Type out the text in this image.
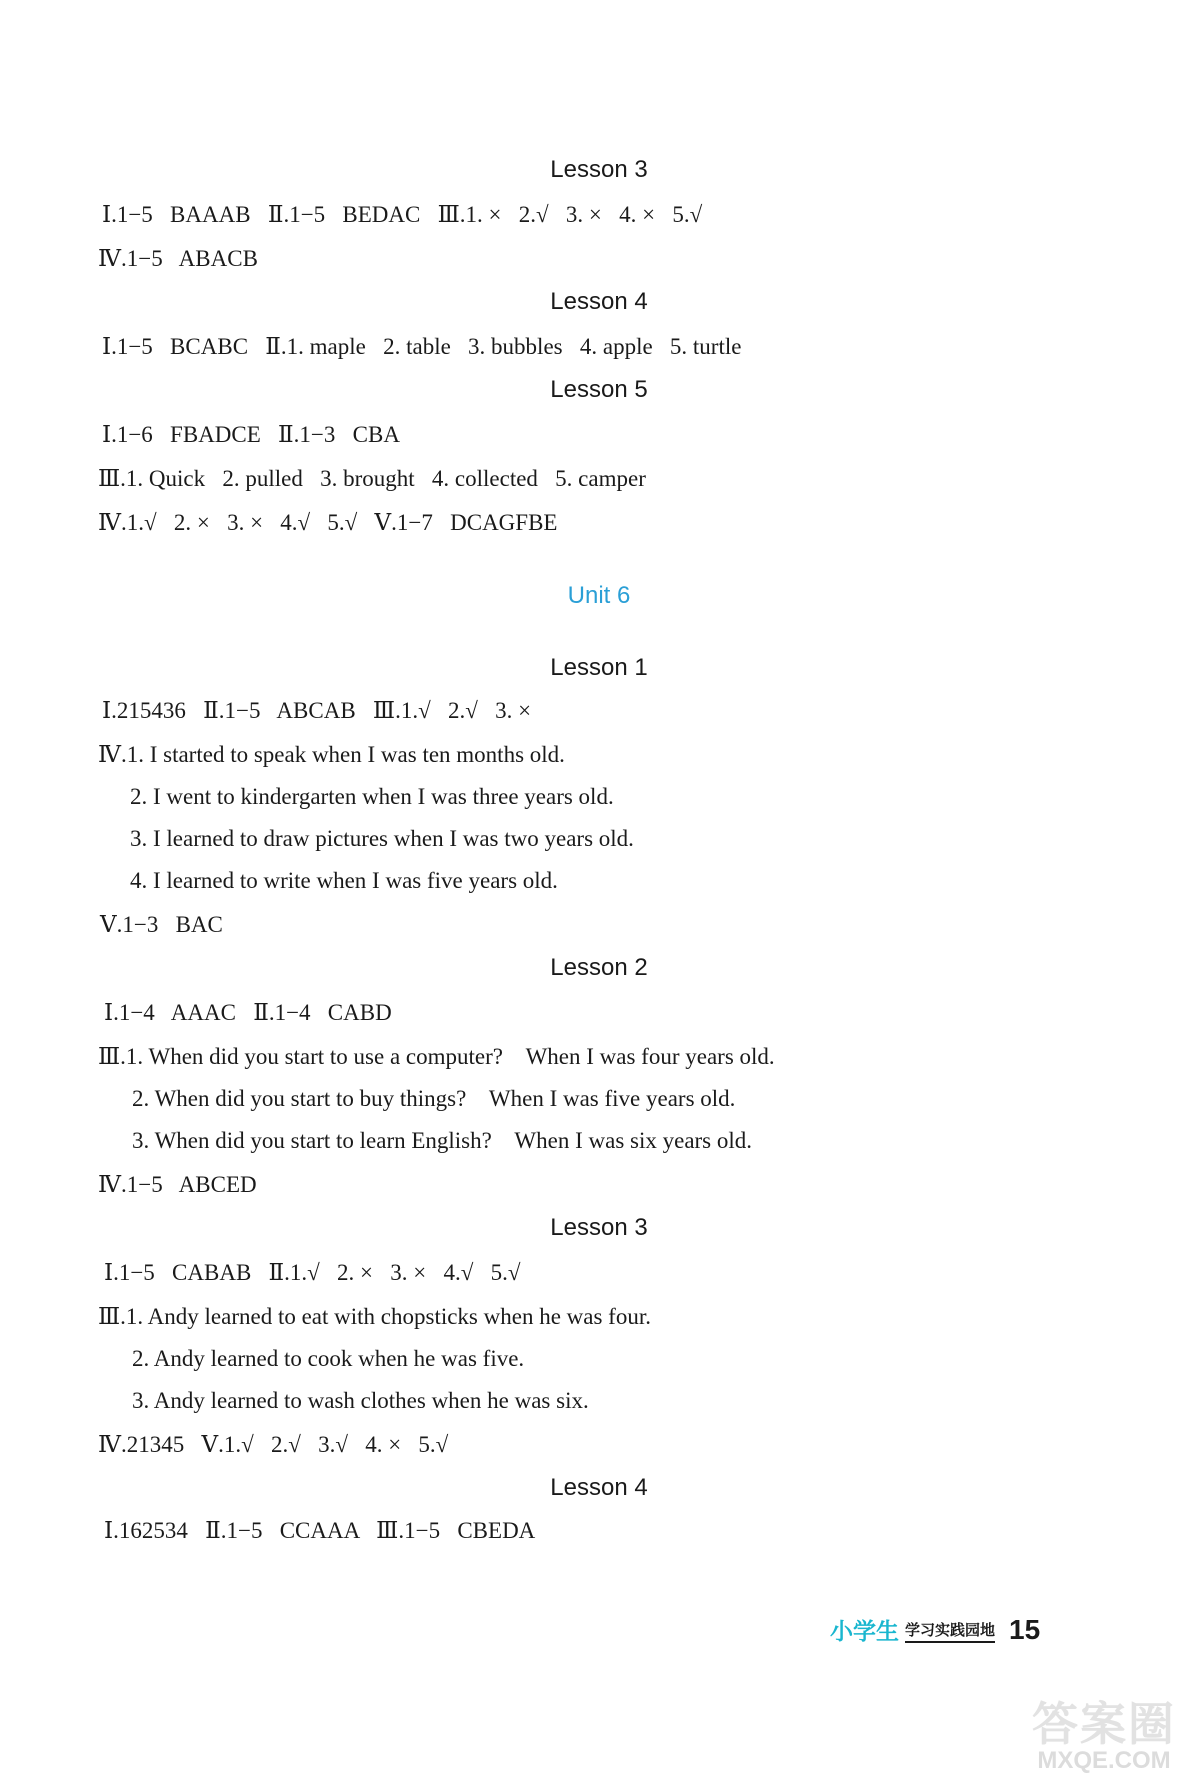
Lesson 3
Ⅰ.1−5   BAAAB   Ⅱ.1−5   BEDAC   Ⅲ.1. ×   2.√   3. ×   4. ×   5.√
Ⅳ.1−5   ABACB
Lesson 4
Ⅰ.1−5   BCABC   Ⅱ.1. maple   2. table   3. bubbles   4. apple   5. turtle
Lesson 5
Ⅰ.1−6   FBADCE   Ⅱ.1−3   CBA
Ⅲ.1. Quick   2. pulled   3. brought   4. collected   5. camper
Ⅳ.1.√   2. ×   3. ×   4.√   5.√   Ⅴ.1−7   DCAGFBE
Unit 6
Lesson 1
Ⅰ.215436   Ⅱ.1−5   ABCAB   Ⅲ.1.√   2.√   3. ×
Ⅳ.1. I started to speak when I was ten months old.
2. I went to kindergarten when I was three years old.
3. I learned to draw pictures when I was two years old.
4. I learned to write when I was five years old.
Ⅴ.1−3   BAC
Lesson 2
Ⅰ.1−4   AAAC   Ⅱ.1−4   CABD
Ⅲ.1. When did you start to use a computer?    When I was four years old.
2. When did you start to buy things?    When I was five years old.
3. When did you start to learn English?    When I was six years old.
Ⅳ.1−5   ABCED
Lesson 3
Ⅰ.1−5   CABAB   Ⅱ.1.√   2. ×   3. ×   4.√   5.√
Ⅲ.1. Andy learned to eat with chopsticks when he was four.
2. Andy learned to cook when he was five.
3. Andy learned to wash clothes when he was six.
Ⅳ.21345   Ⅴ.1.√   2.√   3.√   4. ×   5.√
Lesson 4
Ⅰ.162534   Ⅱ.1−5   CCAAA   Ⅲ.1−5   CBEDA
小学生 学习实践园地 15
答案圈
MXQE.COM
